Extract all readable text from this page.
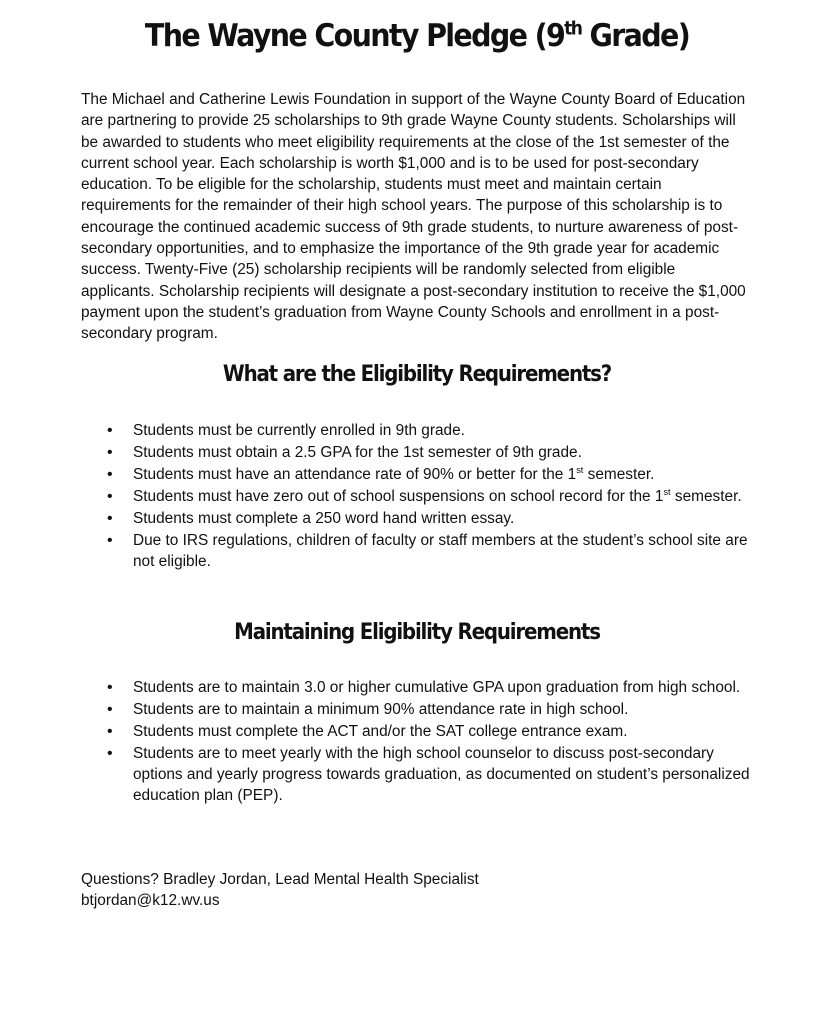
The Wayne County Pledge (9th Grade)

The Michael and Catherine Lewis Foundation in support of the Wayne County Board of Education are partnering to provide 25 scholarships to 9th grade Wayne County students. Scholarships will be awarded to students who meet eligibility requirements at the close of the 1st semester of the current school year. Each scholarship is worth $1,000 and is to be used for post-secondary education. To be eligible for the scholarship, students must meet and maintain certain requirements for the remainder of their high school years. The purpose of this scholarship is to encourage the continued academic success of 9th grade students, to nurture awareness of post-secondary opportunities, and to emphasize the importance of the 9th grade year for academic success. Twenty-Five (25) scholarship recipients will be randomly selected from eligible applicants. Scholarship recipients will designate a post-secondary institution to receive the $1,000 payment upon the student’s graduation from Wayne County Schools and enrollment in a post-secondary program.

What are the Eligibility Requirements?
• Students must be currently enrolled in 9th grade.
• Students must obtain a 2.5 GPA for the 1st semester of 9th grade.
• Students must have an attendance rate of 90% or better for the 1st semester.
• Students must have zero out of school suspensions on school record for the 1st semester.
• Students must complete a 250 word hand written essay.
• Due to IRS regulations, children of faculty or staff members at the student’s school site are not eligible.
Maintaining Eligibility Requirements
• Students are to maintain 3.0 or higher cumulative GPA upon graduation from high school.
• Students are to maintain a minimum 90% attendance rate in high school.
• Students must complete the ACT and/or the SAT college entrance exam.
• Students are to meet yearly with the high school counselor to discuss post-secondary options and yearly progress towards graduation, as documented on student’s personalized education plan (PEP).
Questions? Bradley Jordan, Lead Mental Health Specialist
btjordan@k12.wv.us
